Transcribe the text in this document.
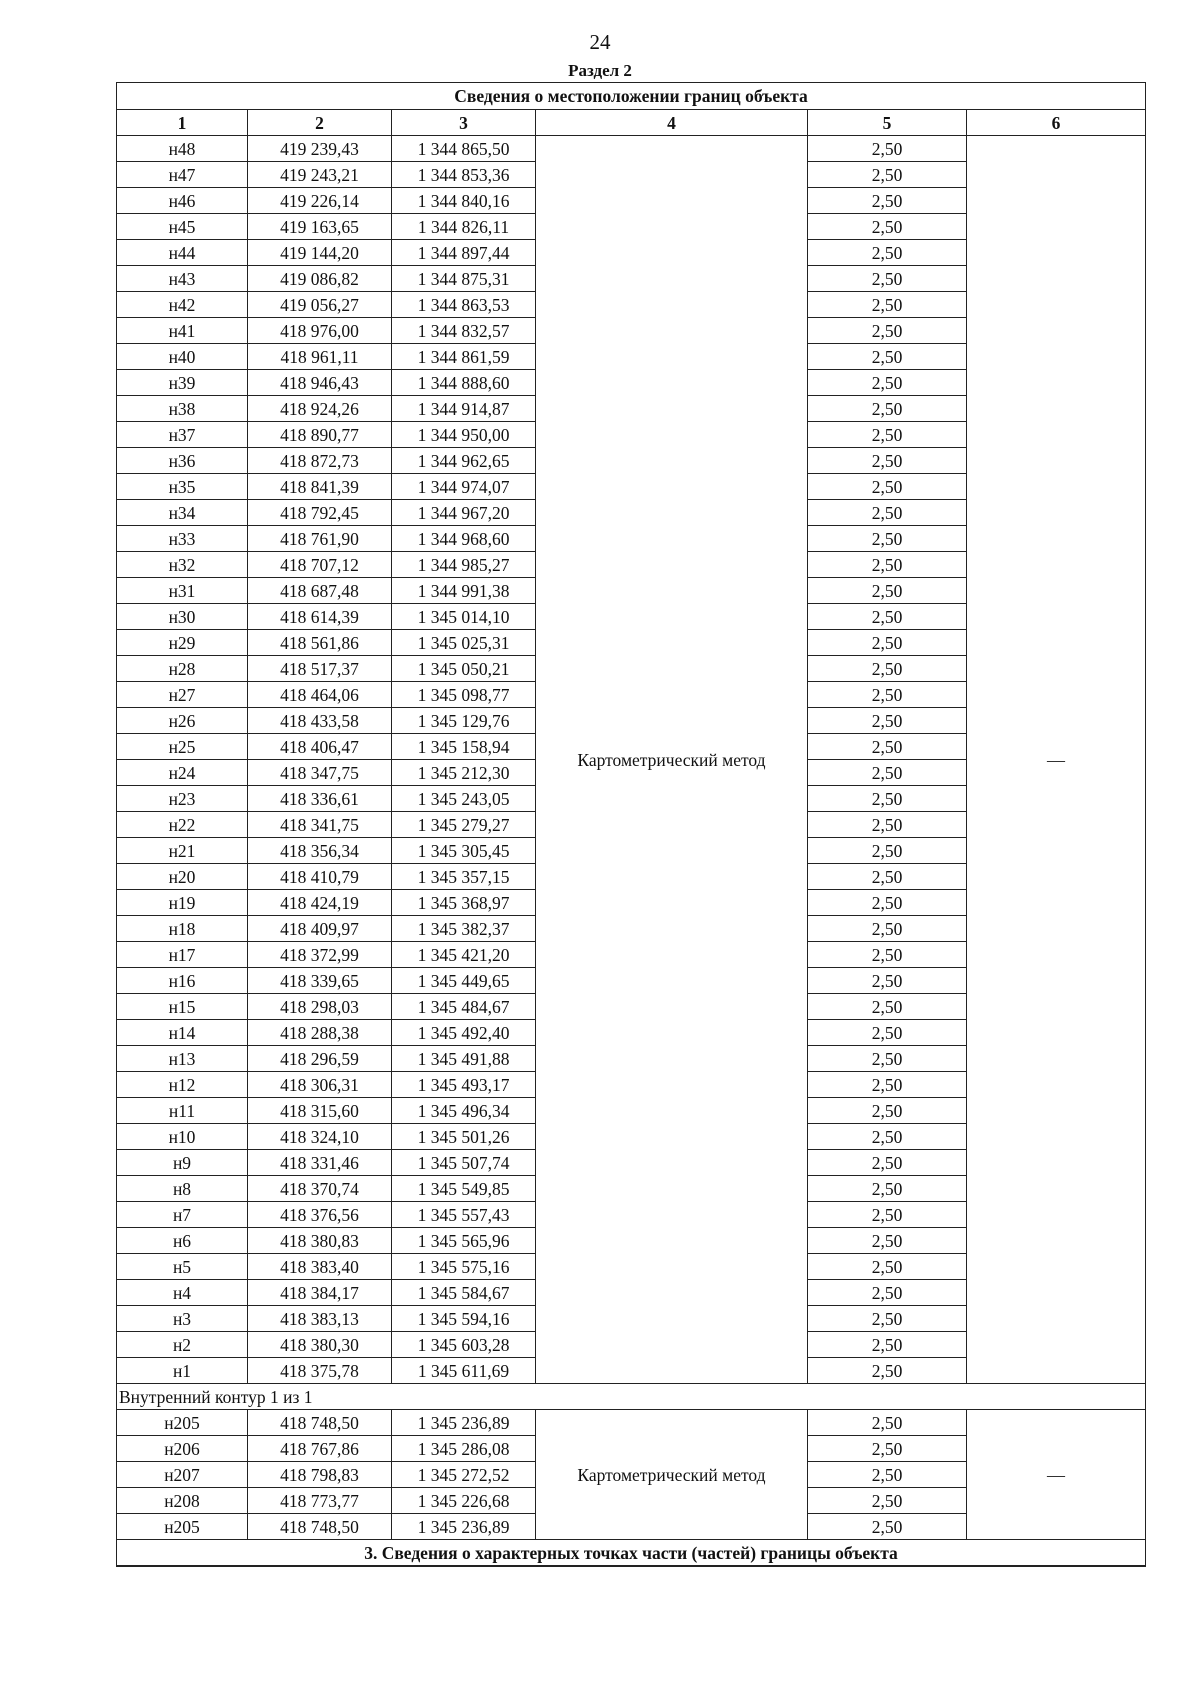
24
Раздел 2
Сведения о местоположении границ объекта					
1	2	3	4	5	6
н48	419 239,43	1 344 865,50	Картометрический метод	2,50	—
н47	419 243,21	1 344 853,36		2,50	
н46	419 226,14	1 344 840,16		2,50	
н45	419 163,65	1 344 826,11		2,50	
н44	419 144,20	1 344 897,44		2,50	
н43	419 086,82	1 344 875,31		2,50	
н42	419 056,27	1 344 863,53		2,50	
н41	418 976,00	1 344 832,57		2,50	
н40	418 961,11	1 344 861,59		2,50	
н39	418 946,43	1 344 888,60		2,50	
н38	418 924,26	1 344 914,87		2,50	
н37	418 890,77	1 344 950,00		2,50	
н36	418 872,73	1 344 962,65		2,50	
н35	418 841,39	1 344 974,07		2,50	
н34	418 792,45	1 344 967,20		2,50	
н33	418 761,90	1 344 968,60		2,50	
н32	418 707,12	1 344 985,27		2,50	
н31	418 687,48	1 344 991,38		2,50	
н30	418 614,39	1 345 014,10		2,50	
н29	418 561,86	1 345 025,31		2,50	
н28	418 517,37	1 345 050,21		2,50	
н27	418 464,06	1 345 098,77		2,50	
н26	418 433,58	1 345 129,76		2,50	
н25	418 406,47	1 345 158,94		2,50	
н24	418 347,75	1 345 212,30		2,50	
н23	418 336,61	1 345 243,05		2,50	
н22	418 341,75	1 345 279,27		2,50	
н21	418 356,34	1 345 305,45		2,50	
н20	418 410,79	1 345 357,15		2,50	
н19	418 424,19	1 345 368,97		2,50	
н18	418 409,97	1 345 382,37		2,50	
н17	418 372,99	1 345 421,20		2,50	
н16	418 339,65	1 345 449,65		2,50	
н15	418 298,03	1 345 484,67		2,50	
н14	418 288,38	1 345 492,40		2,50	
н13	418 296,59	1 345 491,88		2,50	
н12	418 306,31	1 345 493,17		2,50	
н11	418 315,60	1 345 496,34		2,50	
н10	418 324,10	1 345 501,26		2,50	
н9	418 331,46	1 345 507,74		2,50	
н8	418 370,74	1 345 549,85		2,50	
н7	418 376,56	1 345 557,43		2,50	
н6	418 380,83	1 345 565,96		2,50	
н5	418 383,40	1 345 575,16		2,50	
н4	418 384,17	1 345 584,67		2,50	
н3	418 383,13	1 345 594,16		2,50	
н2	418 380,30	1 345 603,28		2,50	
н1	418 375,78	1 345 611,69		2,50	
Внутренний контур 1 из 1					
н205	418 748,50	1 345 236,89	Картометрический метод	2,50	—
н206	418 767,86	1 345 286,08		2,50	
н207	418 798,83	1 345 272,52		2,50	
н208	418 773,77	1 345 226,68		2,50	
н205	418 748,50	1 345 236,89		2,50	
3. Сведения о характерных точках части (частей) границы объекта					
